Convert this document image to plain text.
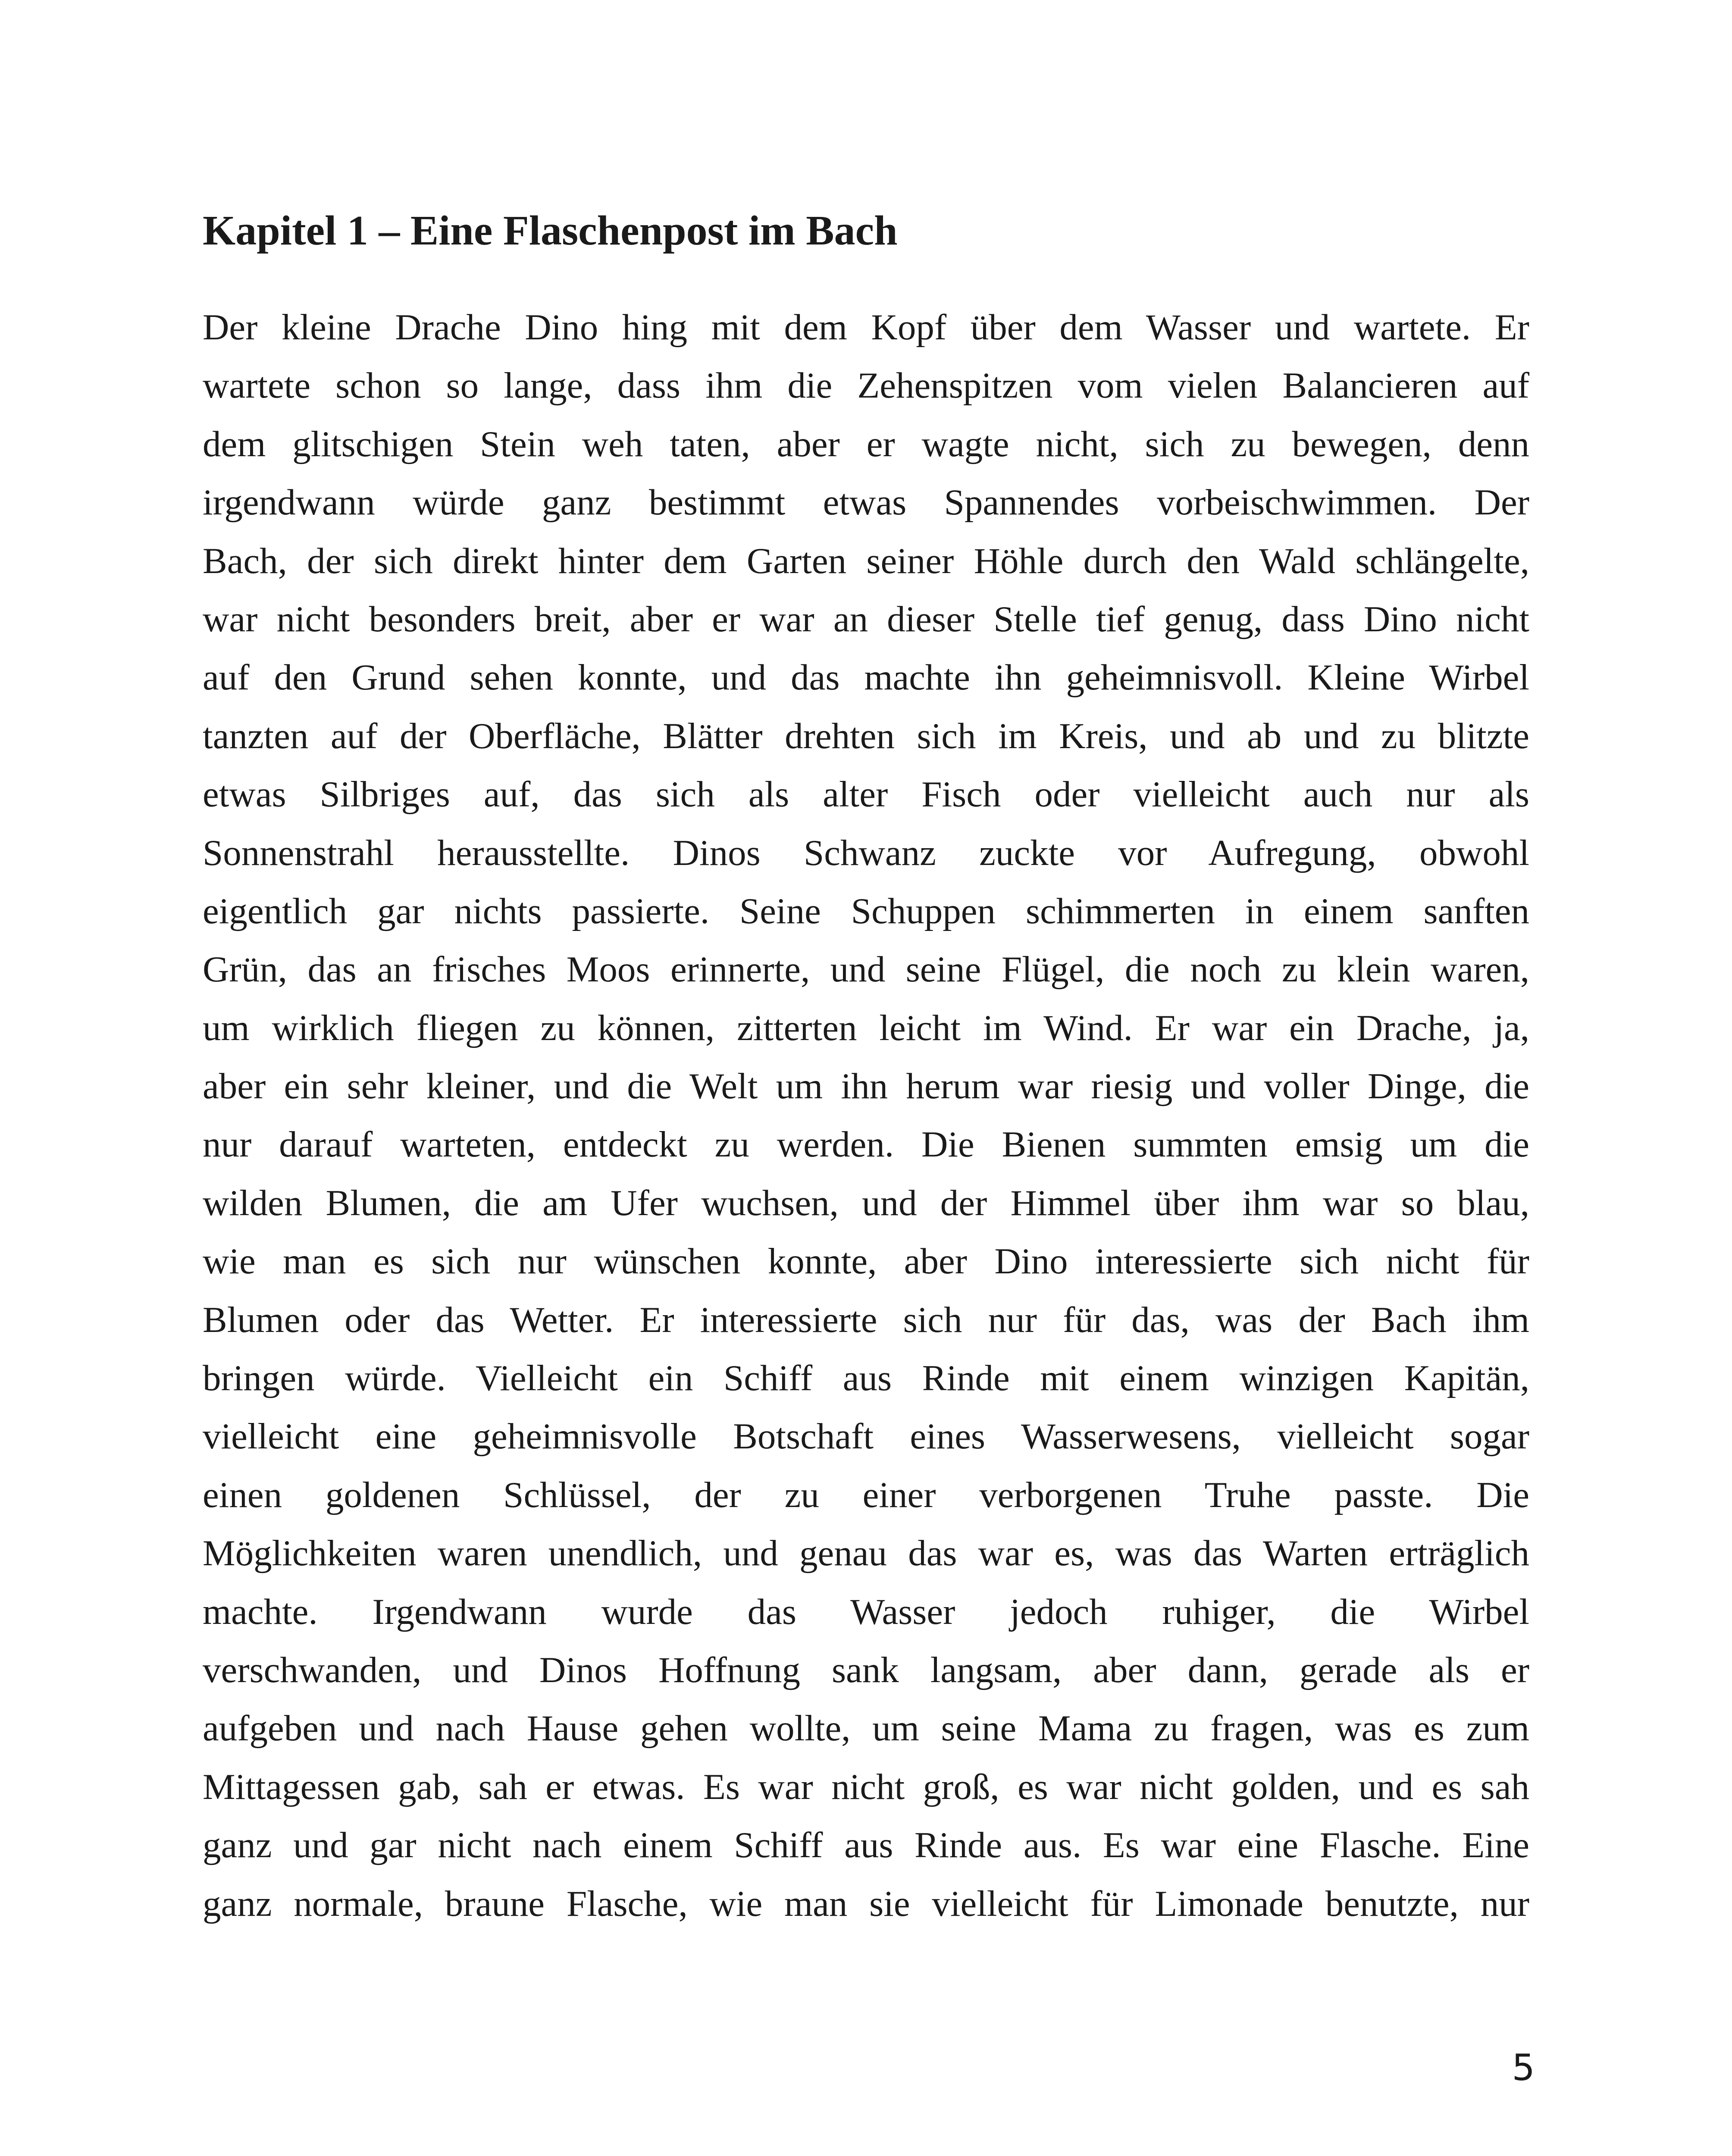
Kapitel 1 – Eine Flaschenpost im Bach
Der kleine Drache Dino hing mit dem Kopf über dem Wasser und wartete. Er
wartete schon so lange, dass ihm die Zehenspitzen vom vielen Balancieren auf
dem glitschigen Stein weh taten, aber er wagte nicht, sich zu bewegen, denn
irgendwann würde ganz bestimmt etwas Spannendes vorbeischwimmen. Der
Bach, der sich direkt hinter dem Garten seiner Höhle durch den Wald schlängelte,
war nicht besonders breit, aber er war an dieser Stelle tief genug, dass Dino nicht
auf den Grund sehen konnte, und das machte ihn geheimnisvoll. Kleine Wirbel
tanzten auf der Oberfläche, Blätter drehten sich im Kreis, und ab und zu blitzte
etwas Silbriges auf, das sich als alter Fisch oder vielleicht auch nur als
Sonnenstrahl herausstellte. Dinos Schwanz zuckte vor Aufregung, obwohl
eigentlich gar nichts passierte. Seine Schuppen schimmerten in einem sanften
Grün, das an frisches Moos erinnerte, und seine Flügel, die noch zu klein waren,
um wirklich fliegen zu können, zitterten leicht im Wind. Er war ein Drache, ja,
aber ein sehr kleiner, und die Welt um ihn herum war riesig und voller Dinge, die
nur darauf warteten, entdeckt zu werden. Die Bienen summten emsig um die
wilden Blumen, die am Ufer wuchsen, und der Himmel über ihm war so blau,
wie man es sich nur wünschen konnte, aber Dino interessierte sich nicht für
Blumen oder das Wetter. Er interessierte sich nur für das, was der Bach ihm
bringen würde. Vielleicht ein Schiff aus Rinde mit einem winzigen Kapitän,
vielleicht eine geheimnisvolle Botschaft eines Wasserwesens, vielleicht sogar
einen goldenen Schlüssel, der zu einer verborgenen Truhe passte. Die
Möglichkeiten waren unendlich, und genau das war es, was das Warten erträglich
machte. Irgendwann wurde das Wasser jedoch ruhiger, die Wirbel
verschwanden, und Dinos Hoffnung sank langsam, aber dann, gerade als er
aufgeben und nach Hause gehen wollte, um seine Mama zu fragen, was es zum
Mittagessen gab, sah er etwas. Es war nicht groß, es war nicht golden, und es sah
ganz und gar nicht nach einem Schiff aus Rinde aus. Es war eine Flasche. Eine
ganz normale, braune Flasche, wie man sie vielleicht für Limonade benutzte, nur
5
